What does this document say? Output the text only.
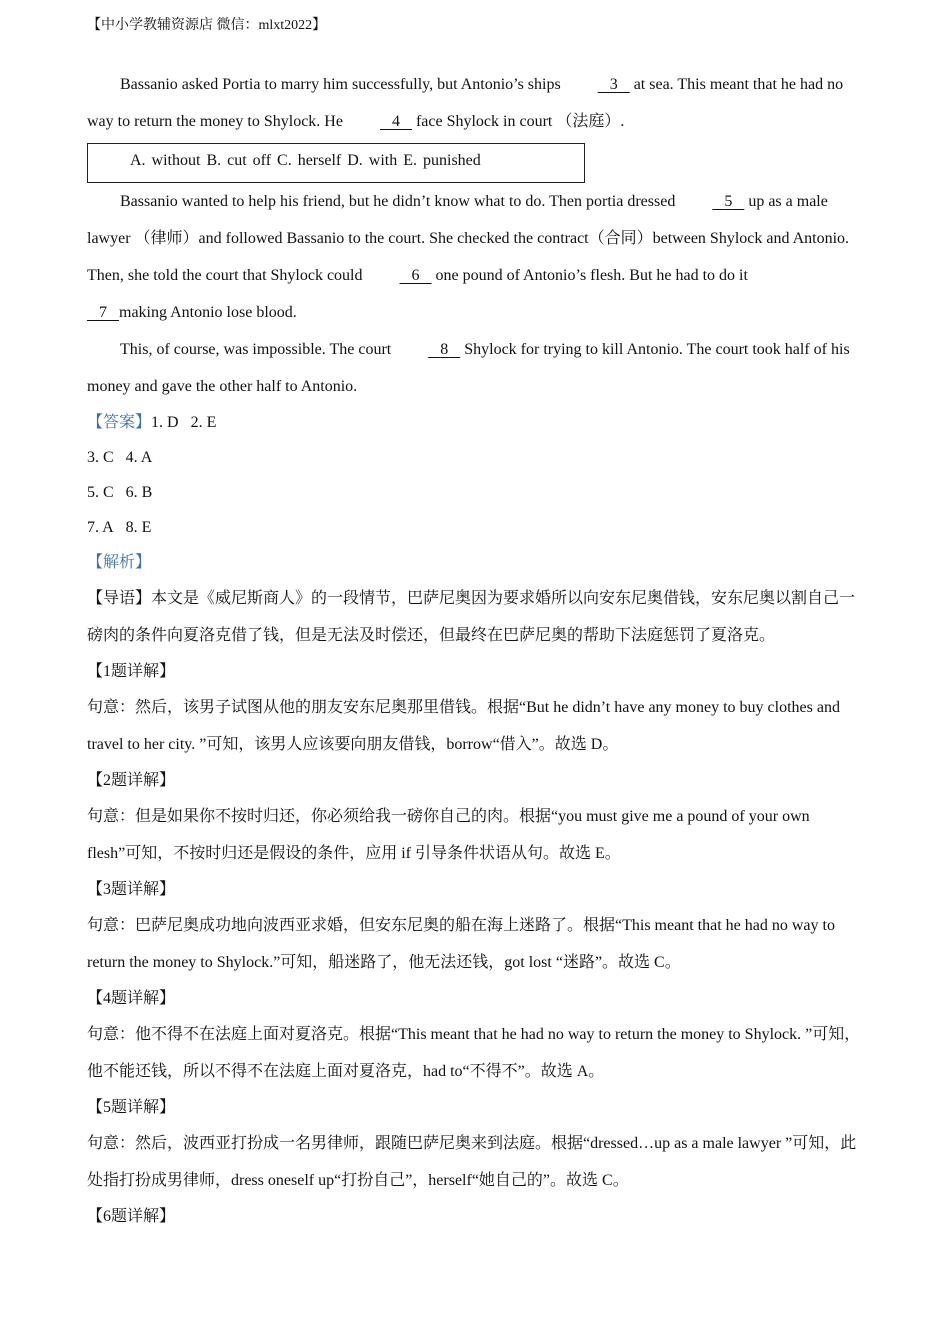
【中小学教辅资源店 微信：mlxt2022】

Bassanio asked Portia to marry him successfully, but Antonio’s ships	3 at sea. This meant that he had no way to return the money to Shylock. He	4 face Shylock in court （法庭）.

A. without B. cut off C. herself D. with E. punished

Bassanio wanted to help his friend, but he didn’t know what to do. Then portia dressed	5 up as a male lawyer （律师）and followed Bassanio to the court. She checked the contract（合同）between Shylock and Antonio. Then, she told the court that Shylock could	6 one pound of Antonio’s flesh. But he had to do it
7 making Antonio lose blood.

This, of course, was impossible. The court	8 Shylock for trying to kill Antonio. The court took half of his money and gave the other half to Antonio.

【答案】1. D 2. E

3. C 4. A

5. C 6. B

7. A 8. E

【解析】

【导语】本文是《威尼斯商人》的一段情节，巴萨尼奥因为要求婚所以向安东尼奥借钱，安东尼奥以割自己一磅肉的条件向夏洛克借了钱，但是无法及时偿还，但最终在巴萨尼奥的帮助下法庭惩罚了夏洛克。

【1题详解】

句意：然后，该男子试图从他的朋友安东尼奥那里借钱。根据“But he didn’t have any money to buy clothes and travel to her city. ”可知，该男人应该要向朋友借钱，borrow“借入”。故选 D。

【2题详解】

句意：但是如果你不按时归还，你必须给我一磅你自己的肉。根据“you must give me a pound of your own flesh”可知，不按时归还是假设的条件，应用 if 引导条件状语从句。故选 E。

【3题详解】

句意：巴萨尼奥成功地向波西亚求婚，但安东尼奥的船在海上迷路了。根据“This meant that he had no way to return the money to Shylock.”可知，船迷路了，他无法还钱，got lost “迷路”。故选 C。

【4题详解】

句意：他不得不在法庭上面对夏洛克。根据“This meant that he had no way to return the money to Shylock. ”可知，他不能还钱，所以不得不在法庭上面对夏洛克，had to“不得不”。故选 A。

【5题详解】

句意：然后，波西亚打扮成一名男律师，跟随巴萨尼奥来到法庭。根据“dressed…up as a male lawyer ”可知，此处指打扮成男律师，dress oneself up“打扮自己”，herself“她自己的”。故选 C。

【6题详解】
